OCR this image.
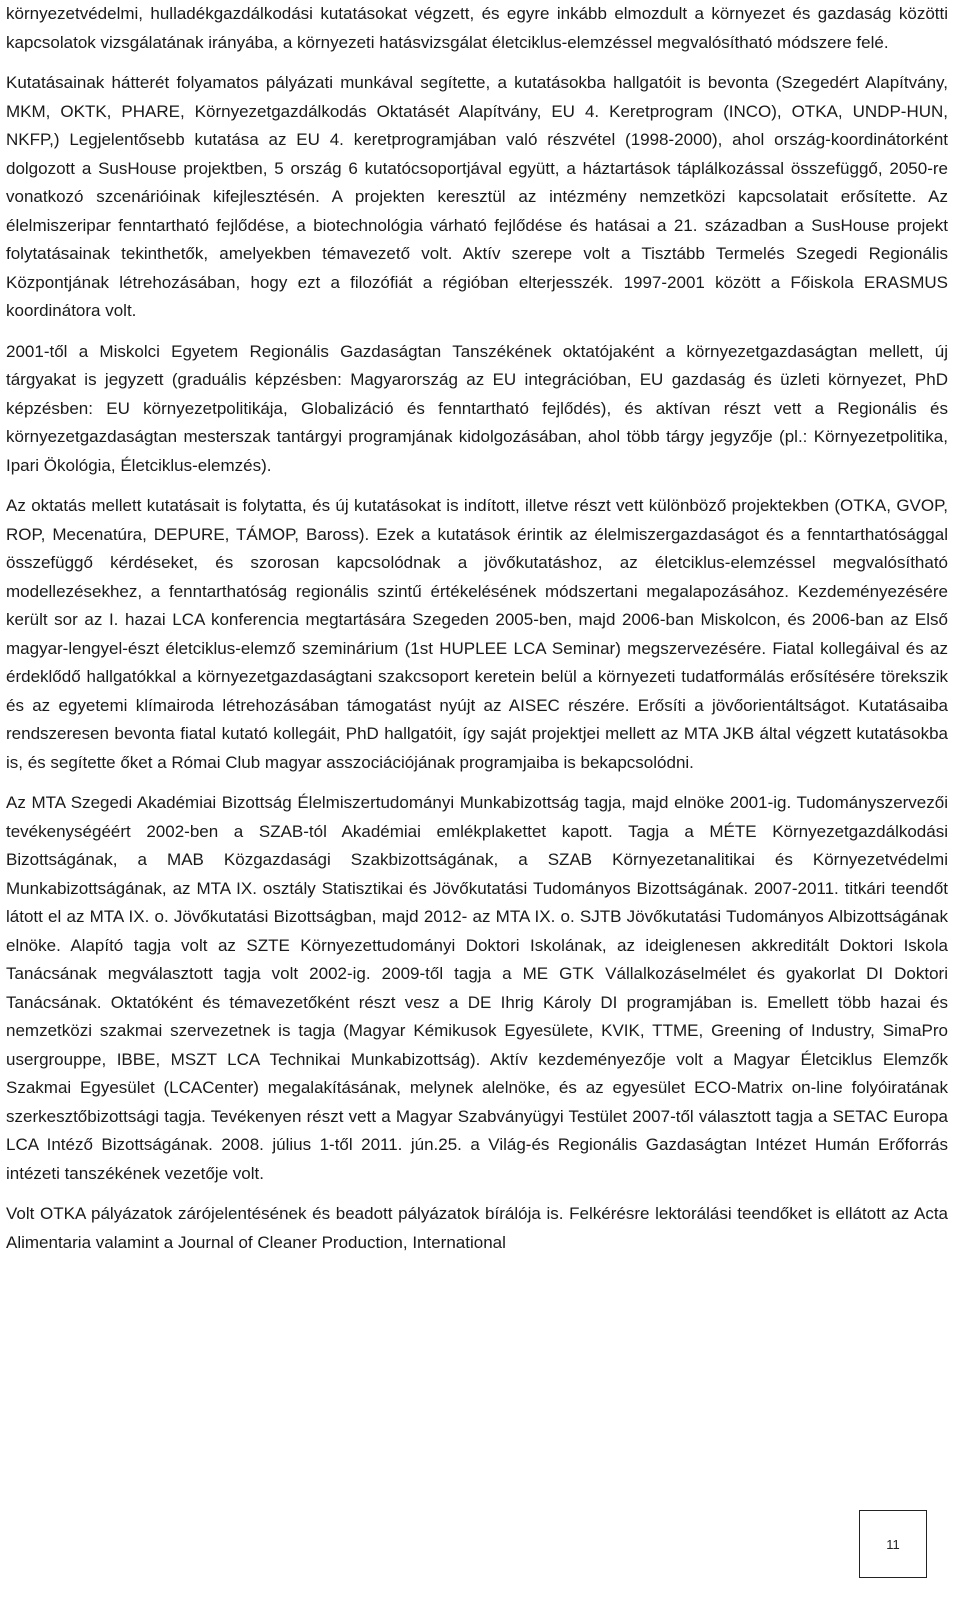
környezetvédelmi, hulladékgazdálkodási kutatásokat végzett, és egyre inkább elmozdult a környezet és gazdaság közötti kapcsolatok vizsgálatának irányába, a környezeti hatásvizsgálat életciklus-elemzéssel megvalósítható módszere felé.

Kutatásainak hátterét folyamatos pályázati munkával segítette, a kutatásokba hallgatóit is bevonta (Szegedért Alapítvány, MKM, OKTK, PHARE, Környezetgazdálkodás Oktatásét Alapítvány, EU 4. Keretprogram (INCO), OTKA, UNDP-HUN, NKFP,) Legjelentősebb kutatása az EU 4. keretprogramjában való részvétel (1998-2000), ahol ország-koordinátorként dolgozott a SusHouse projektben, 5 ország 6 kutatócsoportjával együtt, a háztartások táplálkozással összefüggő, 2050-re vonatkozó szcenárióinak kifejlesztésén. A projekten keresztül az intézmény nemzetközi kapcsolatait erősítette. Az élelmiszeripar fenntartható fejlődése, a biotechnológia várható fejlődése és hatásai a 21. században a SusHouse projekt folytatásainak tekinthetők, amelyekben témavezető volt. Aktív szerepe volt a Tisztább Termelés Szegedi Regionális Központjának létrehozásában, hogy ezt a filozófiát a régióban elterjesszék. 1997-2001 között a Főiskola ERASMUS koordinátora volt.

2001-től a Miskolci Egyetem Regionális Gazdaságtan Tanszékének oktatójaként a környezetgazdaságtan mellett, új tárgyakat is jegyzett (graduális képzésben: Magyarország az EU integrációban, EU gazdaság és üzleti környezet, PhD képzésben: EU környezetpolitikája, Globalizáció és fenntartható fejlődés), és aktívan részt vett a Regionális és környezetgazdaságtan mesterszak tantárgyi programjának kidolgozásában, ahol több tárgy jegyzője (pl.: Környezetpolitika, Ipari Ökológia, Életciklus-elemzés).

Az oktatás mellett kutatásait is folytatta, és új kutatásokat is indított, illetve részt vett különböző projektekben (OTKA, GVOP, ROP, Mecenatúra, DEPURE, TÁMOP, Baross). Ezek a kutatások érintik az élelmiszergazdaságot és a fenntarthatósággal összefüggő kérdéseket, és szorosan kapcsolódnak a jövőkutatáshoz, az életciklus-elemzéssel megvalósítható modellezésekhez, a fenntarthatóság regionális szintű értékelésének módszertani megalapozásához. Kezdeményezésére került sor az I. hazai LCA konferencia megtartására Szegeden 2005-ben, majd 2006-ban Miskolcon, és 2006-ban az Első magyar-lengyel-észt életciklus-elemző szeminárium (1st HUPLEE LCA Seminar) megszervezésére. Fiatal kollegáival és az érdeklődő hallgatókkal a környezetgazdaságtani szakcsoport keretein belül a környezeti tudatformálás erősítésére törekszik és az egyetemi klímairoda létrehozásában támogatást nyújt az AISEC részére. Erősíti a jövőorientáltságot. Kutatásaiba rendszeresen bevonta fiatal kutató kollegáit, PhD hallgatóit, így saját projektjei mellett az MTA JKB által végzett kutatásokba is, és segítette őket a Római Club magyar asszociációjának programjaiba is bekapcsolódni.

Az MTA Szegedi Akadémiai Bizottság Élelmiszertudományi Munkabizottság tagja, majd elnöke 2001-ig. Tudományszervezői tevékenységéért 2002-ben a SZAB-tól Akadémiai emlékplakettet kapott. Tagja a MÉTE Környezetgazdálkodási Bizottságának, a MAB Közgazdasági Szakbizottságának, a SZAB Környezetanalitikai és Környezetvédelmi Munkabizottságának, az MTA IX. osztály Statisztikai és Jövőkutatási Tudományos Bizottságának. 2007-2011. titkári teendőt látott el az MTA IX. o. Jövőkutatási Bizottságban, majd 2012- az MTA IX. o. SJTB Jövőkutatási Tudományos Albizottságának elnöke. Alapító tagja volt az SZTE Környezettudományi Doktori Iskolának, az ideiglenesen akkreditált Doktori Iskola Tanácsának megválasztott tagja volt 2002-ig. 2009-től tagja a ME GTK Vállalkozáselmélet és gyakorlat DI Doktori Tanácsának. Oktatóként és témavezetőként részt vesz a DE Ihrig Károly DI programjában is. Emellett több hazai és nemzetközi szakmai szervezetnek is tagja (Magyar Kémikusok Egyesülete, KVIK, TTME, Greening of Industry, SimaPro usergrouppe, IBBE, MSZT LCA Technikai Munkabizottság). Aktív kezdeményezője volt a Magyar Életciklus Elemzők Szakmai Egyesület (LCACenter) megalakításának, melynek alelnöke, és az egyesület ECO-Matrix on-line folyóiratának szerkesztőbizottsági tagja. Tevékenyen részt vett a Magyar Szabványügyi Testület 2007-től választott tagja a SETAC Europa LCA Intéző Bizottságának. 2008. július 1-től 2011. jún.25. a Világ-és Regionális Gazdaságtan Intézet Humán Erőforrás intézeti tanszékének vezetője volt.

Volt OTKA pályázatok zárójelentésének és beadott pályázatok bírálója is. Felkérésre lektorálási teendőket is ellátott az Acta Alimentaria valamint a Journal of Cleaner Production, International

11
